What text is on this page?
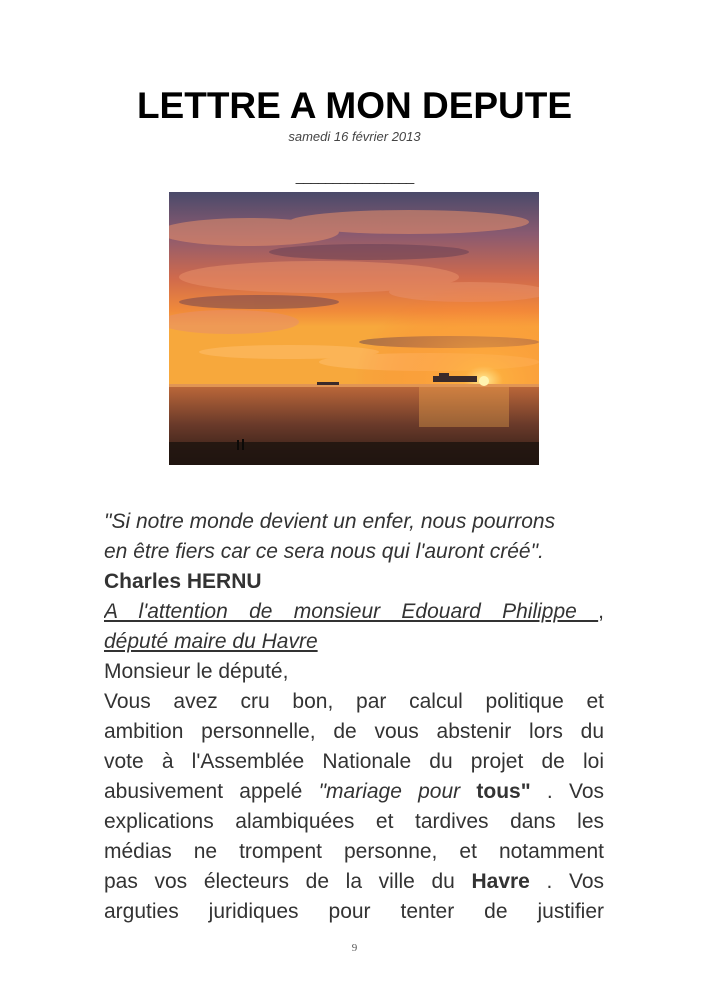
LETTRE A MON DEPUTE
samedi 16 février 2013
________________
"Si notre monde devient un enfer, nous pourrons
en être fiers car ce sera nous qui l'auront créé".
Charles HERNU
A l'attention de monsieur Edouard Philippe ,
député maire du Havre
Monsieur le député,
Vous avez cru bon, par calcul politique et
ambition personnelle, de vous abstenir lors du
vote à l'Assemblée Nationale du projet de loi
abusivement appelé "mariage pour tous" . Vos
explications alambiquées et tardives dans les
médias ne trompent personne, et notamment
pas vos électeurs de la ville du Havre . Vos
arguties juridiques pour tenter de justifier
9
